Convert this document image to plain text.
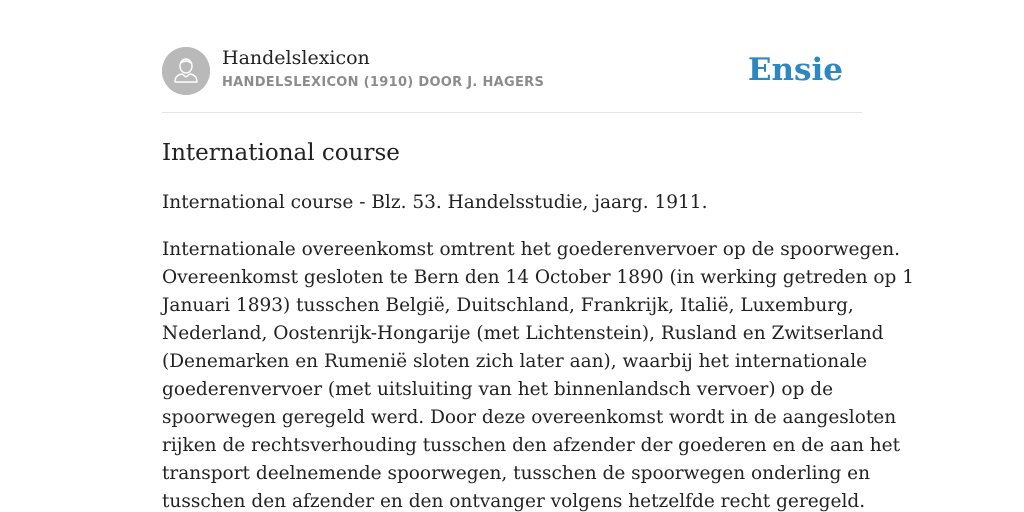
Handelslexicon
HANDELSLEXICON (1910) DOOR J. HAGERS	Ensie
International course

International course - Blz. 53. Handelsstudie, jaarg. 1911.

Internationale overeenkomst omtrent het goederenvervoer op de spoorwegen.
Overeenkomst gesloten te Bern den 14 October 1890 (in werking getreden op 1
Januari 1893) tusschen België, Duitschland, Frankrijk, Italië, Luxemburg,
Nederland, Oostenrijk-Hongarije (met Lichtenstein), Rusland en Zwitserland
(Denemarken en Rumenië sloten zich later aan), waarbij het internationale
goederenvervoer (met uitsluiting van het binnenlandsch vervoer) op de
spoorwegen geregeld werd. Door deze overeenkomst wordt in de aangesloten
rijken de rechtsverhouding tusschen den afzender der goederen en de aan het
transport deelnemende spoorwegen, tusschen de spoorwegen onderling en
tusschen den afzender en den ontvanger volgens hetzelfde recht geregeld.
